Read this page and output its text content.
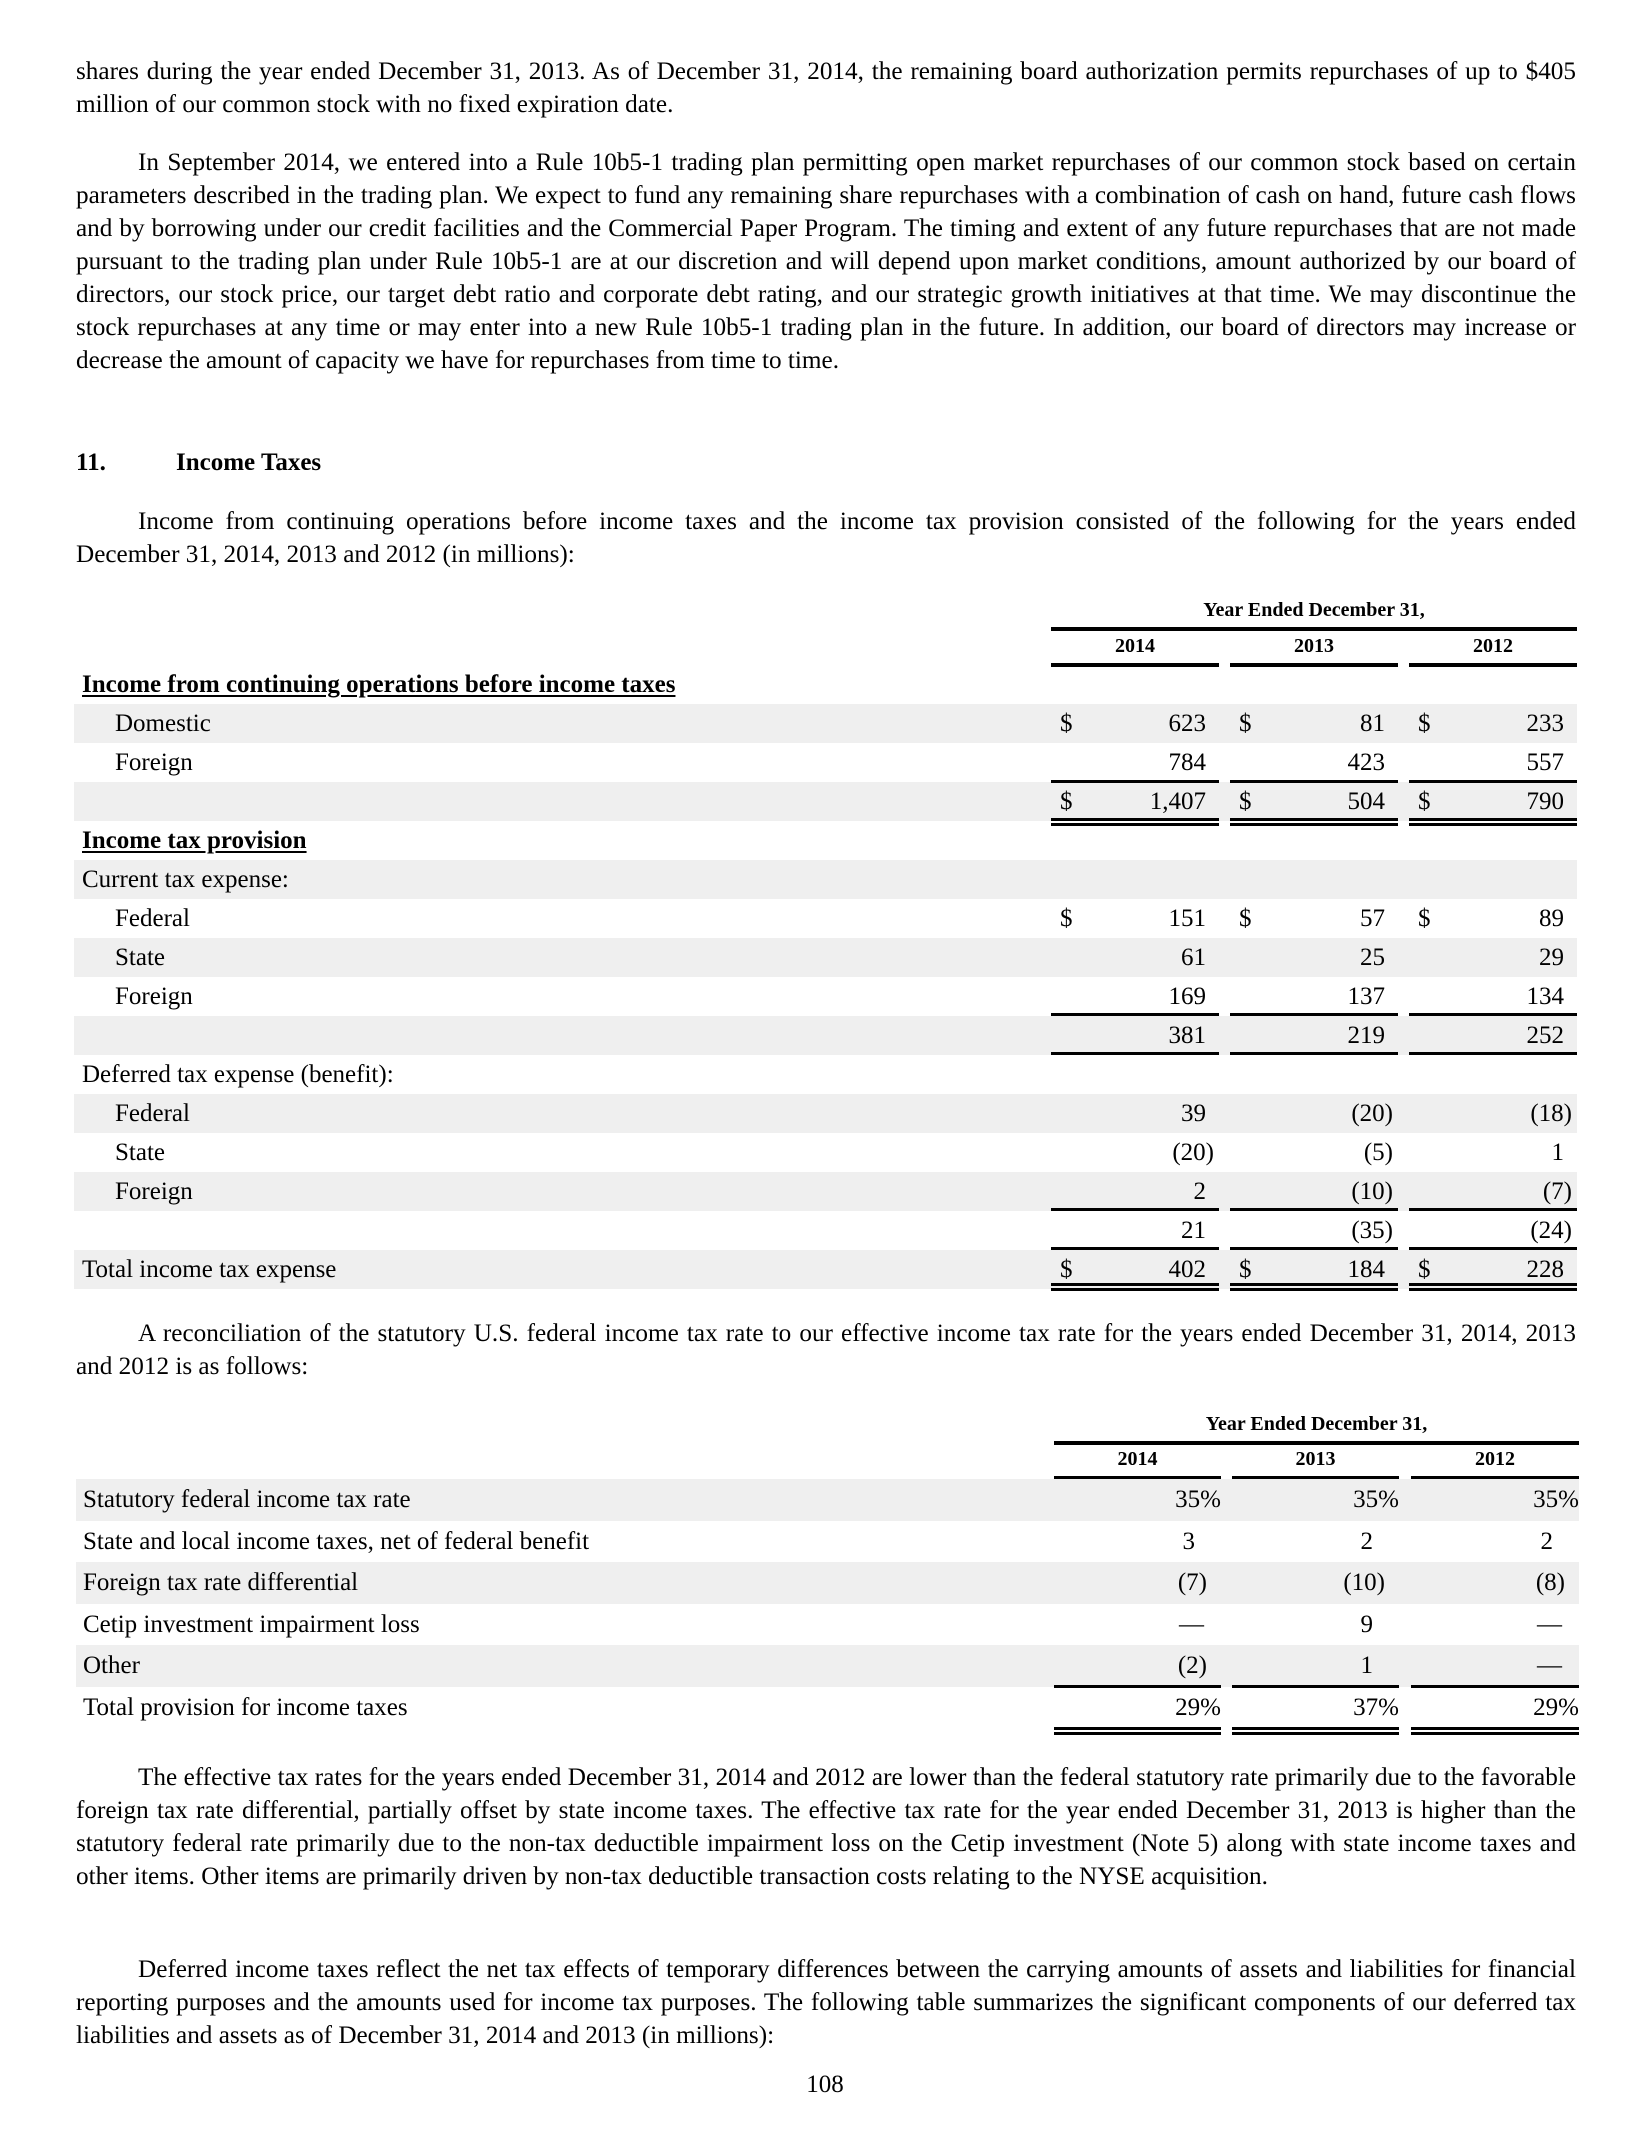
shares during the year ended December 31, 2013. As of December 31, 2014, the remaining board authorization permits repurchases of up to $405 million of our common stock with no fixed expiration date.

In September 2014, we entered into a Rule 10b5-1 trading plan permitting open market repurchases of our common stock based on certain parameters described in the trading plan. We expect to fund any remaining share repurchases with a combination of cash on hand, future cash flows and by borrowing under our credit facilities and the Commercial Paper Program. The timing and extent of any future repurchases that are not made pursuant to the trading plan under Rule 10b5-1 are at our discretion and will depend upon market conditions, amount authorized by our board of directors, our stock price, our target debt ratio and corporate debt rating, and our strategic growth initiatives at that time. We may discontinue the stock repurchases at any time or may enter into a new Rule 10b5-1 trading plan in the future. In addition, our board of directors may increase or decrease the amount of capacity we have for repurchases from time to time.

11.	Income Taxes

Income from continuing operations before income taxes and the income tax provision consisted of the following for the years ended December 31, 2014, 2013 and 2012 (in millions):

Year Ended December 31,
2014	2013	2012
Income from continuing operations before income taxes
Domestic	$	623 $	81 $	233
Foreign	784	423	557
$	1,407 $	504 $	790
Income tax provision
Current tax expense:
Federal	$	151 $	57 $	89
State	61	25	29
Foreign	169	137	134
381	219	252
Deferred tax expense (benefit):
Federal	39	(20)	(18)
State	(20)	(5)	1
Foreign	2	(10)	(7)
21	(35)	(24)
Total income tax expense	$	402 $	184 $	228

A reconciliation of the statutory U.S. federal income tax rate to our effective income tax rate for the years ended December 31, 2014, 2013 and 2012 is as follows:

Year Ended December 31,
2014	2013	2012
Statutory federal income tax rate	35%	35%	35%
State and local income taxes, net of federal benefit	3	2	2
Foreign tax rate differential	(7)	(10)	(8)
Cetip investment impairment loss	—	9	—
Other	(2)	1	—
Total provision for income taxes	29%	37%	29%

The effective tax rates for the years ended December 31, 2014 and 2012 are lower than the federal statutory rate primarily due to the favorable foreign tax rate differential, partially offset by state income taxes. The effective tax rate for the year ended December 31, 2013 is higher than the statutory federal rate primarily due to the non-tax deductible impairment loss on the Cetip investment (Note 5) along with state income taxes and other items. Other items are primarily driven by non-tax deductible transaction costs relating to the NYSE acquisition.

Deferred income taxes reflect the net tax effects of temporary differences between the carrying amounts of assets and liabilities for financial reporting purposes and the amounts used for income tax purposes. The following table summarizes the significant components of our deferred tax liabilities and assets as of December 31, 2014 and 2013 (in millions):

108
